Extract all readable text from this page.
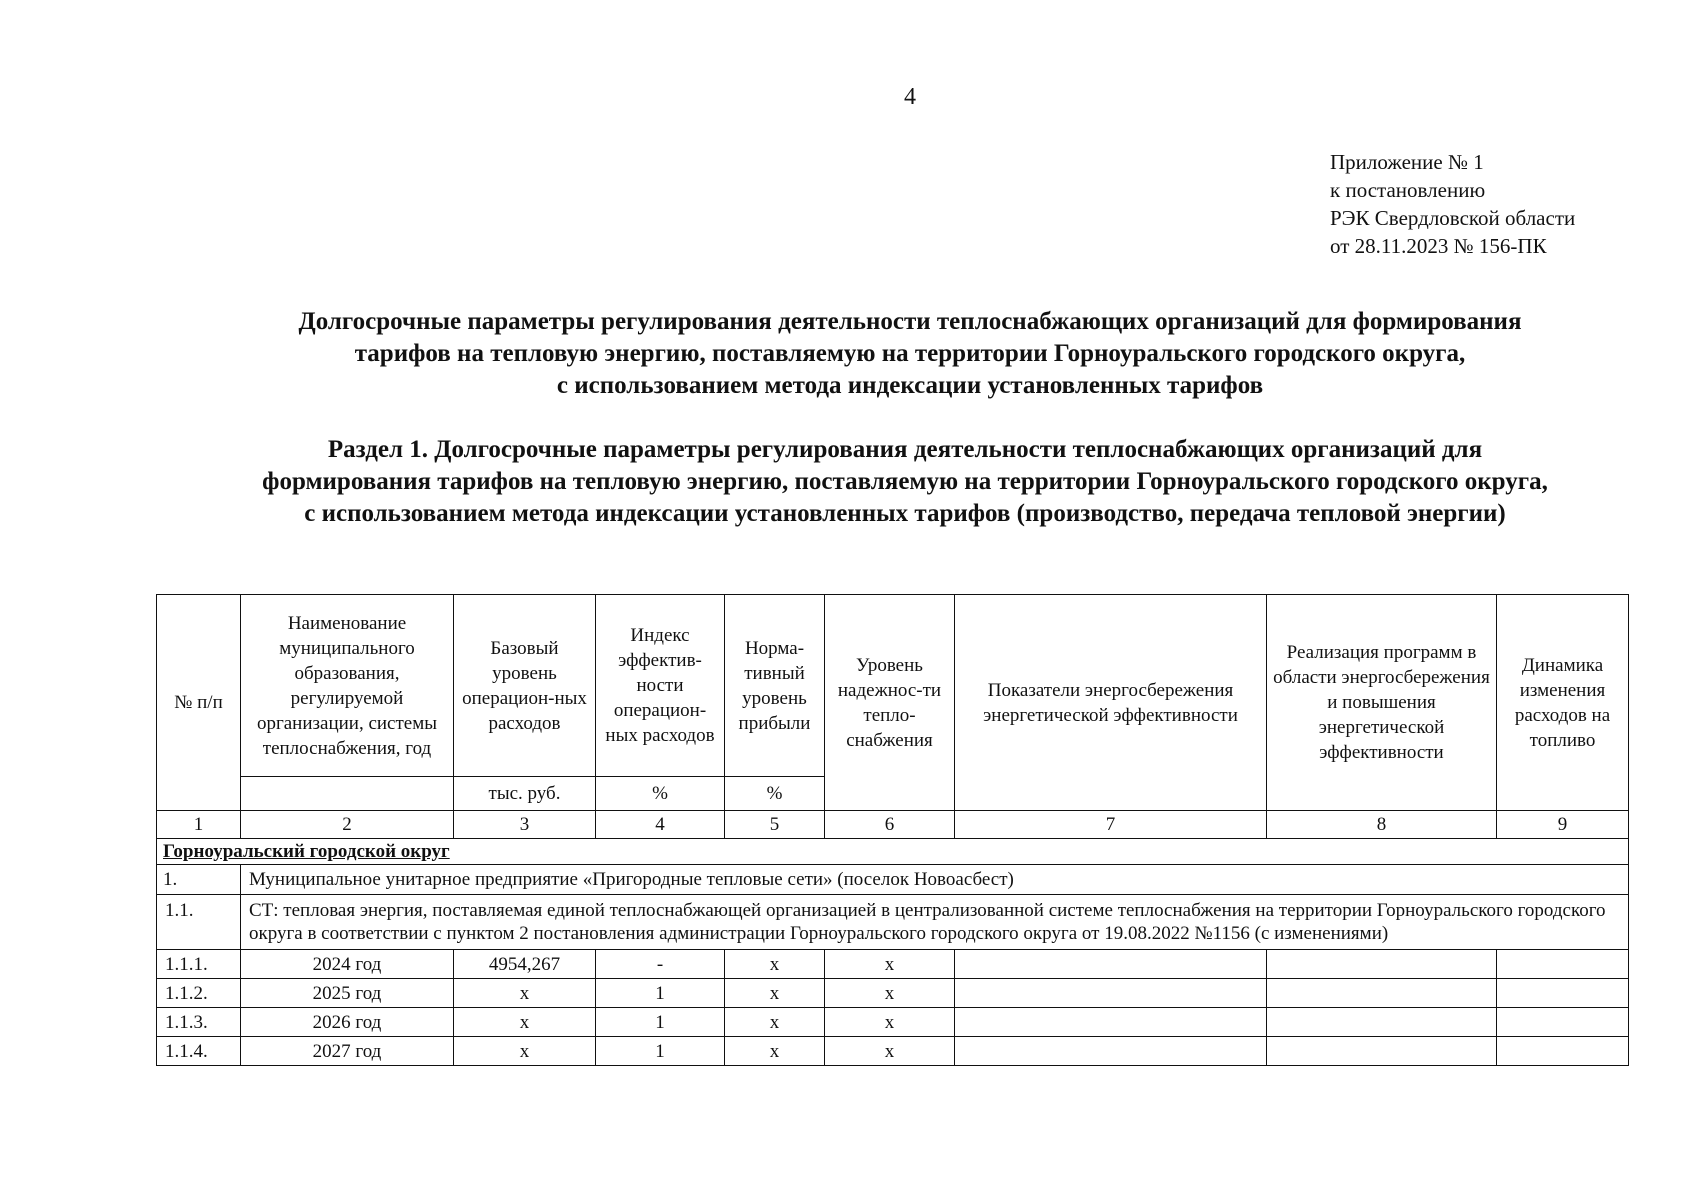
4
Приложение № 1
к постановлению
РЭК Свердловской области
от 28.11.2023 № 156-ПК
Долгосрочные параметры регулирования деятельности теплоснабжающих организаций для формирования
тарифов на тепловую энергию, поставляемую на территории Горноуральского городского округа,
с использованием метода индексации установленных тарифов
Раздел 1. Долгосрочные параметры регулирования деятельности теплоснабжающих организаций для
формирования тарифов на тепловую энергию, поставляемую на территории Горноуральского городского округа,
с использованием метода индексации установленных тарифов (производство, передача тепловой энергии)
№ п/п	Наименование муниципального образования, регулируемой организации, системы теплоснабжения, год	Базовый уровень операцион-ных расходов	Индекс эффектив-ности операцион-ных расходов	Норма-тивный уровень прибыли	Уровень надежнос-ти тепло-снабжения	Показатели энергосбережения энергетической эффективности	Реализация программ в области энергосбережения и повышения энергетической эффективности	Динамика изменения расходов на топливо
		тыс. руб.	%	%				
1	2	3	4	5	6	7	8	9
Горноуральский городской округ								
1.	Муниципальное унитарное предприятие «Пригородные тепловые сети» (поселок Новоасбест)							
1.1.	СТ: тепловая энергия, поставляемая единой теплоснабжающей организацией в централизованной системе теплоснабжения на территории Горноуральского городского округа в соответствии с пунктом 2 постановления администрации Горноуральского городского округа от 19.08.2022 №1156 (с изменениями)							
1.1.1.	2024 год	4954,267	-	x	x			
1.1.2.	2025 год	x	1	x	x			
1.1.3.	2026 год	x	1	x	x			
1.1.4.	2027 год	x	1	x	x			
